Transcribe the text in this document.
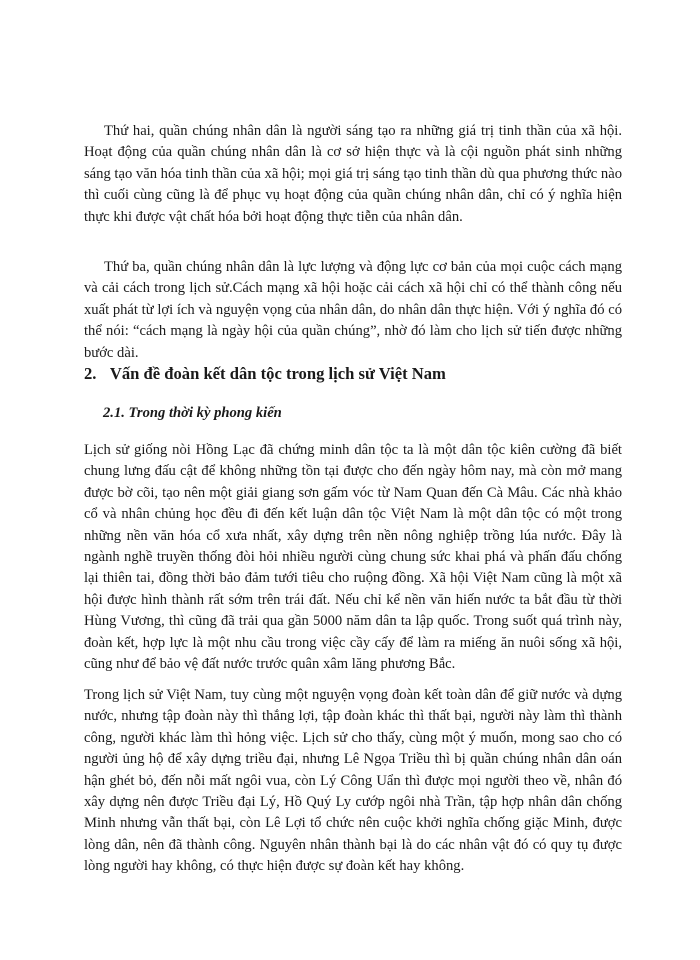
Thứ hai, quần chúng nhân dân là người sáng tạo ra những giá trị tinh thần của xã hội. Hoạt động của quần chúng nhân dân là cơ sở hiện thực và là cội nguồn phát sinh những sáng tạo văn hóa tinh thần của xã hội; mọi giá trị sáng tạo tinh thần dù qua phương thức nào thì cuối cùng cũng là để phục vụ hoạt động của quần chúng nhân dân, chỉ có ý nghĩa hiện thực khi được vật chất hóa bởi hoạt động thực tiễn của nhân dân.

Thứ ba, quần chúng nhân dân là lực lượng và động lực cơ bản của mọi cuộc cách mạng và cải cách trong lịch sử.Cách mạng xã hội hoặc cải cách xã hội chỉ có thể thành công nếu xuất phát từ lợi ích và nguyện vọng của nhân dân, do nhân dân thực hiện. Với ý nghĩa đó có thể nói: “cách mạng là ngày hội của quần chúng”, nhờ đó làm cho lịch sử tiến được những bước dài.

2. Vấn đề đoàn kết dân tộc trong lịch sử Việt Nam
2.1. Trong thời kỳ phong kiến

Lịch sử giống nòi Hồng Lạc đã chứng minh dân tộc ta là một dân tộc kiên cường đã biết chung lưng đấu cật để không những tồn tại được cho đến ngày hôm nay, mà còn mở mang được bờ cõi, tạo nên một giải giang sơn gấm vóc từ Nam Quan đến Cà Mâu. Các nhà khảo cổ và nhân chủng học đều đi đến kết luận dân tộc Việt Nam là một dân tộc có một trong những nền văn hóa cổ xưa nhất, xây dựng trên nền nông nghiệp trồng lúa nước. Đây là ngành nghề truyền thống đòi hỏi nhiều người cùng chung sức khai phá và phấn đấu chống lại thiên tai, đồng thời bảo đảm tưới tiêu cho ruộng đồng. Xã hội Việt Nam cũng là một xã hội được hình thành rất sớm trên trái đất. Nếu chỉ kể nền văn hiến nước ta bắt đầu từ thời Hùng Vương, thì cũng đã trải qua gần 5000 năm dân ta lập quốc. Trong suốt quá trình này, đoàn kết, hợp lực là một nhu cầu trong việc cầy cấy để làm ra miếng ăn nuôi sống xã hội, cũng như để bảo vệ đất nước trước quân xâm lăng phương Bắc.

Trong lịch sử Việt Nam, tuy cùng một nguyện vọng đoàn kết toàn dân để giữ nước và dựng nước, nhưng tập đoàn này thì thắng lợi, tập đoàn khác thì thất bại, người này làm thì thành công, người khác làm thì hỏng việc. Lịch sử cho thấy, cùng một ý muốn, mong sao cho có người ủng hộ để xây dựng triều đại, nhưng Lê Ngọa Triều thì bị quần chúng nhân dân oán hận ghét bỏ, đến nỗi mất ngôi vua, còn Lý Công Uẩn thì được mọi người theo về, nhân đó xây dựng nên được Triều đại Lý, Hồ Quý Ly cướp ngôi nhà Trần, tập hợp nhân dân chống Minh nhưng vẫn thất bại, còn Lê Lợi tổ chức nên cuộc khởi nghĩa chống giặc Minh, được lòng dân, nên đã thành công. Nguyên nhân thành bại là do các nhân vật đó có quy tụ được lòng người hay không, có thực hiện được sự đoàn kết hay không.
